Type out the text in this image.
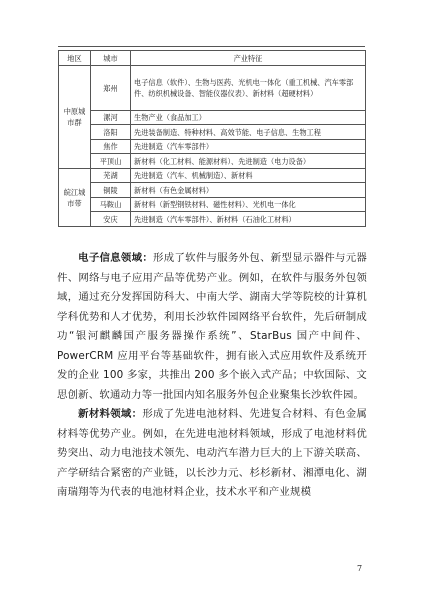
地区	城市	产业特征
中原城市群	郑州	电子信息（软件）、生物与医药、光机电一体化（重工机械、汽车零部件、纺织机械设备、智能仪器仪表）、新材料（超硬材料）
	漯河	生物产业（食品加工）
	洛阳	先进装备制造、特种材料、高效节能、电子信息、生物工程
	焦作	先进制造（汽车零部件）
	平顶山	新材料（化工材料、能源材料）、先进制造（电力设备）
皖江城市带	芜湖	先进制造（汽车、机械制造）、新材料
	铜陵	新材料（有色金属材料）
	马鞍山	新材料（新型钢铁材料、磁性材料）、光机电一体化
	安庆	先进制造（汽车零部件）、新材料（石油化工材料）
电子信息领域：形成了软件与服务外包、新型显示器件与元器件、网络与电子应用产品等优势产业。例如，在软件与服务外包领域，通过充分发挥国防科大、中南大学、湖南大学等院校的计算机学科优势和人才优势，利用长沙软件园网络平台软件，先后研制成功“银河麒麟国产服务器操作系统”、StarBus 国产中间件、PowerCRM 应用平台等基础软件，拥有嵌入式应用软件及系统开发的企业 100 多家，共推出 200 多个嵌入式产品；中软国际、文思创新、软通动力等一批国内知名服务外包企业聚集长沙软件园。
新材料领域：形成了先进电池材料、先进复合材料、有色金属材料等优势产业。例如，在先进电池材料领域，形成了电池材料优势突出、动力电池技术领先、电动汽车潜力巨大的上下游关联高、产学研结合紧密的产业链，以长沙力元、杉杉新材、湘潭电化、湖南瑞翔等为代表的电池材料企业，技术水平和产业规模
7
